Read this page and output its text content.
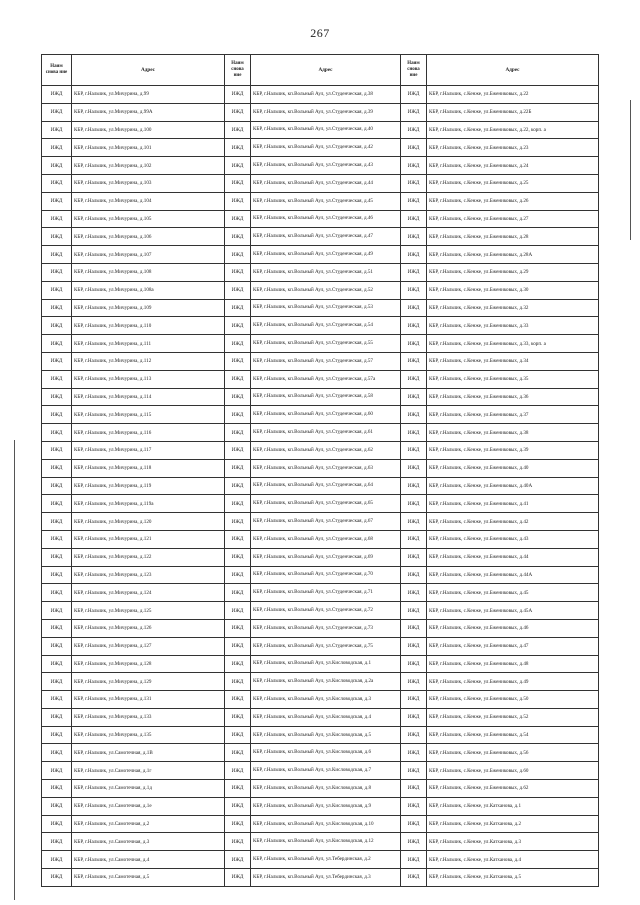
267
Наим снова ние	Адрес	Наим снова ние	Адрес	Наим снова ние	Адрес
ИЖД	КБР, г.Нальчик, ул.Мичурина, д.99	ИЖД	КБР, г.Нальчик, кп.Вольный Аул, ул.Студенческая, д.38	ИЖД	КБР, г.Нальчик, с.Кенже, ул.Бжениковых, д.22
ИЖД	КБР, г.Нальчик, ул.Мичурина, д.99А	ИЖД	КБР, г.Нальчик, кп.Вольный Аул, ул.Студенческая, д.39	ИЖД	КБР, г.Нальчик, с.Кенже, ул.Бжениковых, д.22Б
ИЖД	КБР, г.Нальчик, ул.Мичурина, д.100	ИЖД	КБР, г.Нальчик, кп.Вольный Аул, ул.Студенческая, д.40	ИЖД	КБР, г.Нальчик, с.Кенже, ул.Бжениковых, д.22, корп. а
ИЖД	КБР, г.Нальчик, ул.Мичурина, д.101	ИЖД	КБР, г.Нальчик, кп.Вольный Аул, ул.Студенческая, д.42	ИЖД	КБР, г.Нальчик, с.Кенже, ул.Бжениковых, д.23
ИЖД	КБР, г.Нальчик, ул.Мичурина, д.102	ИЖД	КБР, г.Нальчик, кп.Вольный Аул, ул.Студенческая, д.43	ИЖД	КБР, г.Нальчик, с.Кенже, ул.Бжениковых, д.24
ИЖД	КБР, г.Нальчик, ул.Мичурина, д.103	ИЖД	КБР, г.Нальчик, кп.Вольный Аул, ул.Студенческая, д.44	ИЖД	КБР, г.Нальчик, с.Кенже, ул.Бжениковых, д.25
ИЖД	КБР, г.Нальчик, ул.Мичурина, д.104	ИЖД	КБР, г.Нальчик, кп.Вольный Аул, ул.Студенческая, д.45	ИЖД	КБР, г.Нальчик, с.Кенже, ул.Бжениковых, д.26
ИЖД	КБР, г.Нальчик, ул.Мичурина, д.105	ИЖД	КБР, г.Нальчик, кп.Вольный Аул, ул.Студенческая, д.46	ИЖД	КБР, г.Нальчик, с.Кенже, ул.Бжениковых, д.27
ИЖД	КБР, г.Нальчик, ул.Мичурина, д.106	ИЖД	КБР, г.Нальчик, кп.Вольный Аул, ул.Студенческая, д.47	ИЖД	КБР, г.Нальчик, с.Кенже, ул.Бжениковых, д.28
ИЖД	КБР, г.Нальчик, ул.Мичурина, д.107	ИЖД	КБР, г.Нальчик, кп.Вольный Аул, ул.Студенческая, д.49	ИЖД	КБР, г.Нальчик, с.Кенже, ул.Бжениковых, д.28А
ИЖД	КБР, г.Нальчик, ул.Мичурина, д.108	ИЖД	КБР, г.Нальчик, кп.Вольный Аул, ул.Студенческая, д.51	ИЖД	КБР, г.Нальчик, с.Кенже, ул.Бжениковых, д.29
ИЖД	КБР, г.Нальчик, ул.Мичурина, д.108а	ИЖД	КБР, г.Нальчик, кп.Вольный Аул, ул.Студенческая, д.52	ИЖД	КБР, г.Нальчик, с.Кенже, ул.Бжениковых, д.30
ИЖД	КБР, г.Нальчик, ул.Мичурина, д.109	ИЖД	КБР, г.Нальчик, кп.Вольный Аул, ул.Студенческая, д.53	ИЖД	КБР, г.Нальчик, с.Кенже, ул.Бжениковых, д.32
ИЖД	КБР, г.Нальчик, ул.Мичурина, д.110	ИЖД	КБР, г.Нальчик, кп.Вольный Аул, ул.Студенческая, д.54	ИЖД	КБР, г.Нальчик, с.Кенже, ул.Бжениковых, д.33
ИЖД	КБР, г.Нальчик, ул.Мичурина, д.111	ИЖД	КБР, г.Нальчик, кп.Вольный Аул, ул.Студенческая, д.55	ИЖД	КБР, г.Нальчик, с.Кенже, ул.Бжениковых, д.33, корп. а
ИЖД	КБР, г.Нальчик, ул.Мичурина, д.112	ИЖД	КБР, г.Нальчик, кп.Вольный Аул, ул.Студенческая, д.57	ИЖД	КБР, г.Нальчик, с.Кенже, ул.Бжениковых, д.34
ИЖД	КБР, г.Нальчик, ул.Мичурина, д.113	ИЖД	КБР, г.Нальчик, кп.Вольный Аул, ул.Студенческая, д.57а	ИЖД	КБР, г.Нальчик, с.Кенже, ул.Бжениковых, д.35
ИЖД	КБР, г.Нальчик, ул.Мичурина, д.114	ИЖД	КБР, г.Нальчик, кп.Вольный Аул, ул.Студенческая, д.58	ИЖД	КБР, г.Нальчик, с.Кенже, ул.Бжениковых, д.36
ИЖД	КБР, г.Нальчик, ул.Мичурина, д.115	ИЖД	КБР, г.Нальчик, кп.Вольный Аул, ул.Студенческая, д.60	ИЖД	КБР, г.Нальчик, с.Кенже, ул.Бжениковых, д.37
ИЖД	КБР, г.Нальчик, ул.Мичурина, д.116	ИЖД	КБР, г.Нальчик, кп.Вольный Аул, ул.Студенческая, д.61	ИЖД	КБР, г.Нальчик, с.Кенже, ул.Бжениковых, д.38
ИЖД	КБР, г.Нальчик, ул.Мичурина, д.117	ИЖД	КБР, г.Нальчик, кп.Вольный Аул, ул.Студенческая, д.62	ИЖД	КБР, г.Нальчик, с.Кенже, ул.Бжениковых, д.39
ИЖД	КБР, г.Нальчик, ул.Мичурина, д.118	ИЖД	КБР, г.Нальчик, кп.Вольный Аул, ул.Студенческая, д.63	ИЖД	КБР, г.Нальчик, с.Кенже, ул.Бжениковых, д.40
ИЖД	КБР, г.Нальчик, ул.Мичурина, д.119	ИЖД	КБР, г.Нальчик, кп.Вольный Аул, ул.Студенческая, д.64	ИЖД	КБР, г.Нальчик, с.Кенже, ул.Бжениковых, д.40А
ИЖД	КБР, г.Нальчик, ул.Мичурина, д.119а	ИЖД	КБР, г.Нальчик, кп.Вольный Аул, ул.Студенческая, д.65	ИЖД	КБР, г.Нальчик, с.Кенже, ул.Бжениковых, д.41
ИЖД	КБР, г.Нальчик, ул.Мичурина, д.120	ИЖД	КБР, г.Нальчик, кп.Вольный Аул, ул.Студенческая, д.67	ИЖД	КБР, г.Нальчик, с.Кенже, ул.Бжениковых, д.42
ИЖД	КБР, г.Нальчик, ул.Мичурина, д.121	ИЖД	КБР, г.Нальчик, кп.Вольный Аул, ул.Студенческая, д.68	ИЖД	КБР, г.Нальчик, с.Кенже, ул.Бжениковых, д.43
ИЖД	КБР, г.Нальчик, ул.Мичурина, д.122	ИЖД	КБР, г.Нальчик, кп.Вольный Аул, ул.Студенческая, д.69	ИЖД	КБР, г.Нальчик, с.Кенже, ул.Бжениковых, д.44
ИЖД	КБР, г.Нальчик, ул.Мичурина, д.123	ИЖД	КБР, г.Нальчик, кп.Вольный Аул, ул.Студенческая, д.70	ИЖД	КБР, г.Нальчик, с.Кенже, ул.Бжениковых, д.44А
ИЖД	КБР, г.Нальчик, ул.Мичурина, д.124	ИЖД	КБР, г.Нальчик, кп.Вольный Аул, ул.Студенческая, д.71	ИЖД	КБР, г.Нальчик, с.Кенже, ул.Бжениковых, д.45
ИЖД	КБР, г.Нальчик, ул.Мичурина, д.125	ИЖД	КБР, г.Нальчик, кп.Вольный Аул, ул.Студенческая, д.72	ИЖД	КБР, г.Нальчик, с.Кенже, ул.Бжениковых, д.45А
ИЖД	КБР, г.Нальчик, ул.Мичурина, д.126	ИЖД	КБР, г.Нальчик, кп.Вольный Аул, ул.Студенческая, д.73	ИЖД	КБР, г.Нальчик, с.Кенже, ул.Бжениковых, д.46
ИЖД	КБР, г.Нальчик, ул.Мичурина, д.127	ИЖД	КБР, г.Нальчик, кп.Вольный Аул, ул.Студенческая, д.75	ИЖД	КБР, г.Нальчик, с.Кенже, ул.Бжениковых, д.47
ИЖД	КБР, г.Нальчик, ул.Мичурина, д.128	ИЖД	КБР, г.Нальчик, кп.Вольный Аул, ул.Кисловодская, д.1	ИЖД	КБР, г.Нальчик, с.Кенже, ул.Бжениковых, д.48
ИЖД	КБР, г.Нальчик, ул.Мичурина, д.129	ИЖД	КБР, г.Нальчик, кп.Вольный Аул, ул.Кисловодская, д.2а	ИЖД	КБР, г.Нальчик, с.Кенже, ул.Бжениковых, д.49
ИЖД	КБР, г.Нальчик, ул.Мичурина, д.131	ИЖД	КБР, г.Нальчик, кп.Вольный Аул, ул.Кисловодская, д.3	ИЖД	КБР, г.Нальчик, с.Кенже, ул.Бжениковых, д.50
ИЖД	КБР, г.Нальчик, ул.Мичурина, д.133	ИЖД	КБР, г.Нальчик, кп.Вольный Аул, ул.Кисловодская, д.4	ИЖД	КБР, г.Нальчик, с.Кенже, ул.Бжениковых, д.52
ИЖД	КБР, г.Нальчик, ул.Мичурина, д.135	ИЖД	КБР, г.Нальчик, кп.Вольный Аул, ул.Кисловодская, д.5	ИЖД	КБР, г.Нальчик, с.Кенже, ул.Бжениковых, д.54
ИЖД	КБР, г.Нальчик, ул.Самотечная, д.1В	ИЖД	КБР, г.Нальчик, кп.Вольный Аул, ул.Кисловодская, д.6	ИЖД	КБР, г.Нальчик, с.Кенже, ул.Бжениковых, д.56
ИЖД	КБР, г.Нальчик, ул.Самотечная, д.1г	ИЖД	КБР, г.Нальчик, кп.Вольный Аул, ул.Кисловодская, д.7	ИЖД	КБР, г.Нальчик, с.Кенже, ул.Бжениковых, д.60
ИЖД	КБР, г.Нальчик, ул.Самотечная, д.1д	ИЖД	КБР, г.Нальчик, кп.Вольный Аул, ул.Кисловодская, д.8	ИЖД	КБР, г.Нальчик, с.Кенже, ул.Бжениковых, д.62
ИЖД	КБР, г.Нальчик, ул.Самотечная, д.1е	ИЖД	КБР, г.Нальчик, кп.Вольный Аул, ул.Кисловодская, д.9	ИЖД	КБР, г.Нальчик, с.Кенже, ул.Катханова, д.1
ИЖД	КБР, г.Нальчик, ул.Самотечная, д.2	ИЖД	КБР, г.Нальчик, кп.Вольный Аул, ул.Кисловодская, д.10	ИЖД	КБР, г.Нальчик, с.Кенже, ул.Катханова, д.2
ИЖД	КБР, г.Нальчик, ул.Самотечная, д.3	ИЖД	КБР, г.Нальчик, кп.Вольный Аул, ул.Кисловодская, д.12	ИЖД	КБР, г.Нальчик, с.Кенже, ул.Катханова, д.3
ИЖД	КБР, г.Нальчик, ул.Самотечная, д.4	ИЖД	КБР, г.Нальчик, кп.Вольный Аул, ул.Тебердинская, д.2	ИЖД	КБР, г.Нальчик, с.Кенже, ул.Катханова, д.4
ИЖД	КБР, г.Нальчик, ул.Самотечная, д.5	ИЖД	КБР, г.Нальчик, кп.Вольный Аул, ул.Тебердинская, д.3	ИЖД	КБР, г.Нальчик, с.Кенже, ул.Катханова, д.5
